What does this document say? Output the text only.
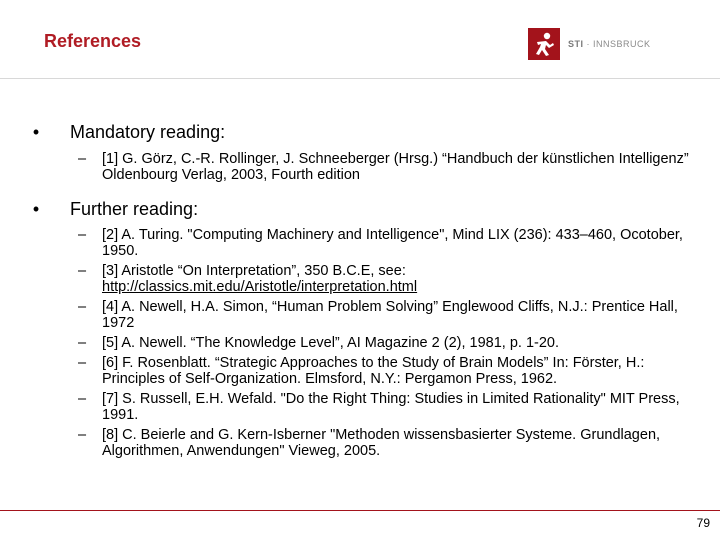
References	STI · INNSBRUCK
• Mandatory reading:
–	[1] G. Görz, C.-R. Rollinger, J. Schneeberger (Hrsg.) “Handbuch der künstlichen Intelligenz” Oldenbourg Verlag, 2003, Fourth edition
• Further reading:
–	[2] A. Turing. "Computing Machinery and Intelligence", Mind LIX (236): 433–460, Ocotober, 1950.
–	[3] Aristotle “On Interpretation”, 350 B.C.E, see: http://classics.mit.edu/Aristotle/interpretation.html
–	[4] A. Newell, H.A. Simon, “Human Problem Solving” Englewood Cliffs, N.J.: Prentice Hall, 1972
–	[5] A. Newell. “The Knowledge Level”, AI Magazine 2 (2), 1981, p. 1-20.
–	[6] F. Rosenblatt. “Strategic Approaches to the Study of Brain Models” In: Förster, H.: Principles of Self-Organization. Elmsford, N.Y.: Pergamon Press, 1962.
–	[7] S. Russell, E.H. Wefald. "Do the Right Thing: Studies in Limited Rationality" MIT Press, 1991.
–	[8] C. Beierle and G. Kern-Isberner "Methoden wissensbasierter Systeme. Grundlagen, Algorithmen, Anwendungen" Vieweg, 2005.
79
